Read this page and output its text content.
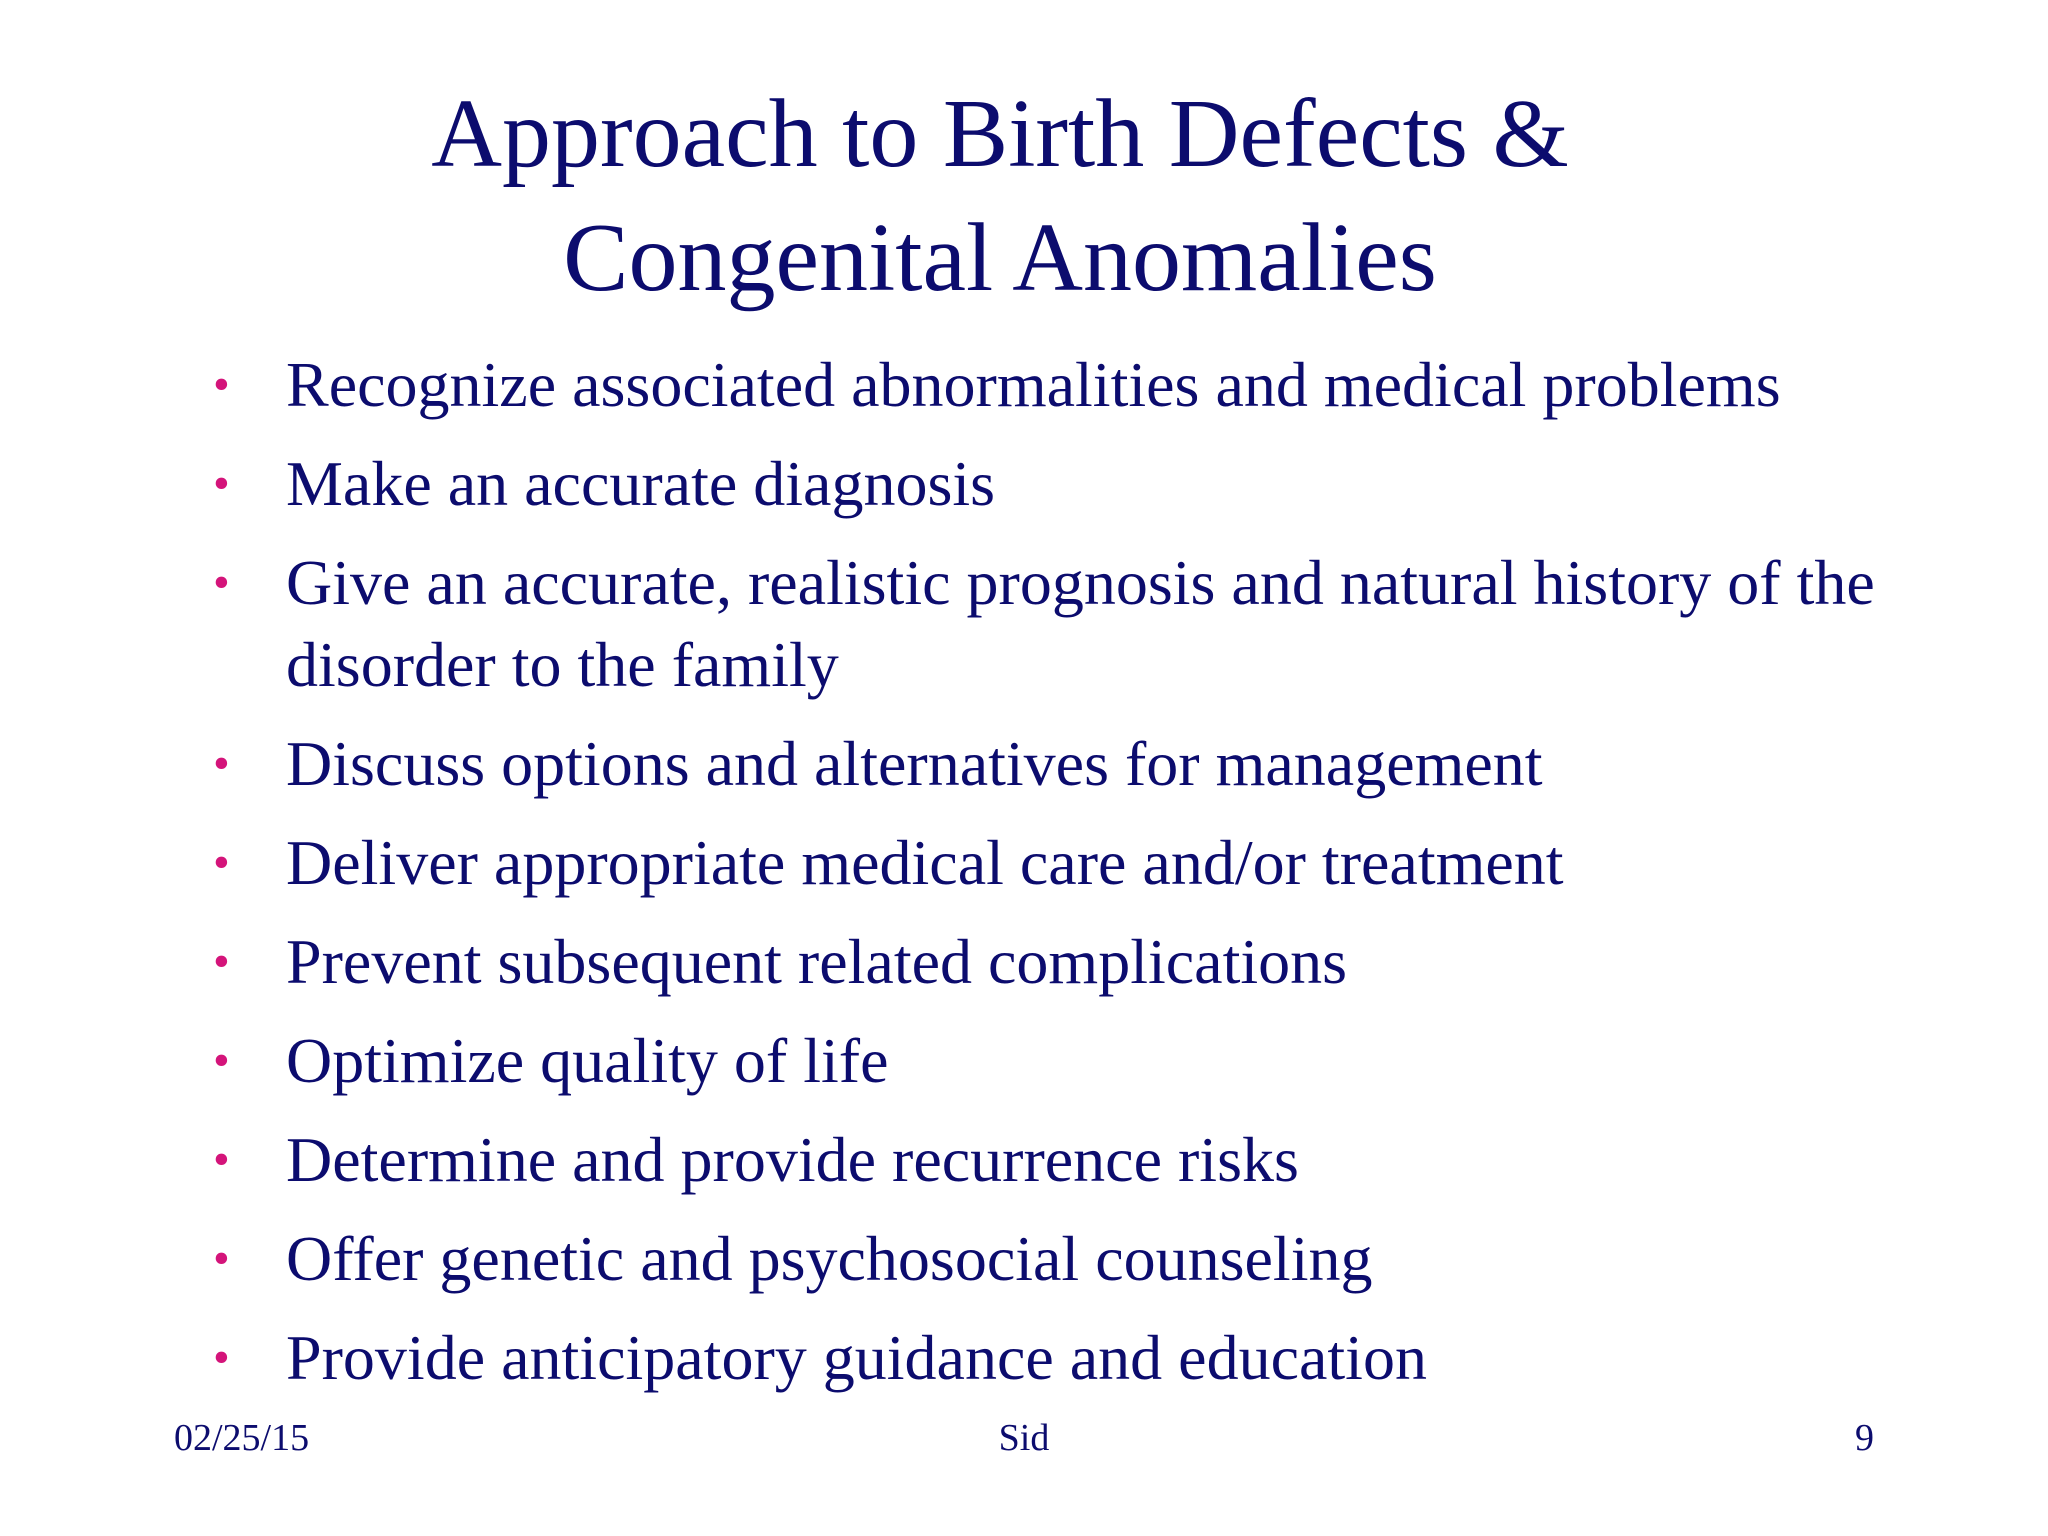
Approach to Birth Defects &
Congenital Anomalies
• Recognize associated abnormalities and medical problems
• Make an accurate diagnosis
• Give an accurate, realistic prognosis and natural history of the disorder to the family
• Discuss options and alternatives for management
• Deliver appropriate medical care and/or treatment
• Prevent subsequent related complications
• Optimize quality of life
• Determine and provide recurrence risks
• Offer genetic and psychosocial counseling
• Provide anticipatory guidance and education
02/25/15	Sid	9
